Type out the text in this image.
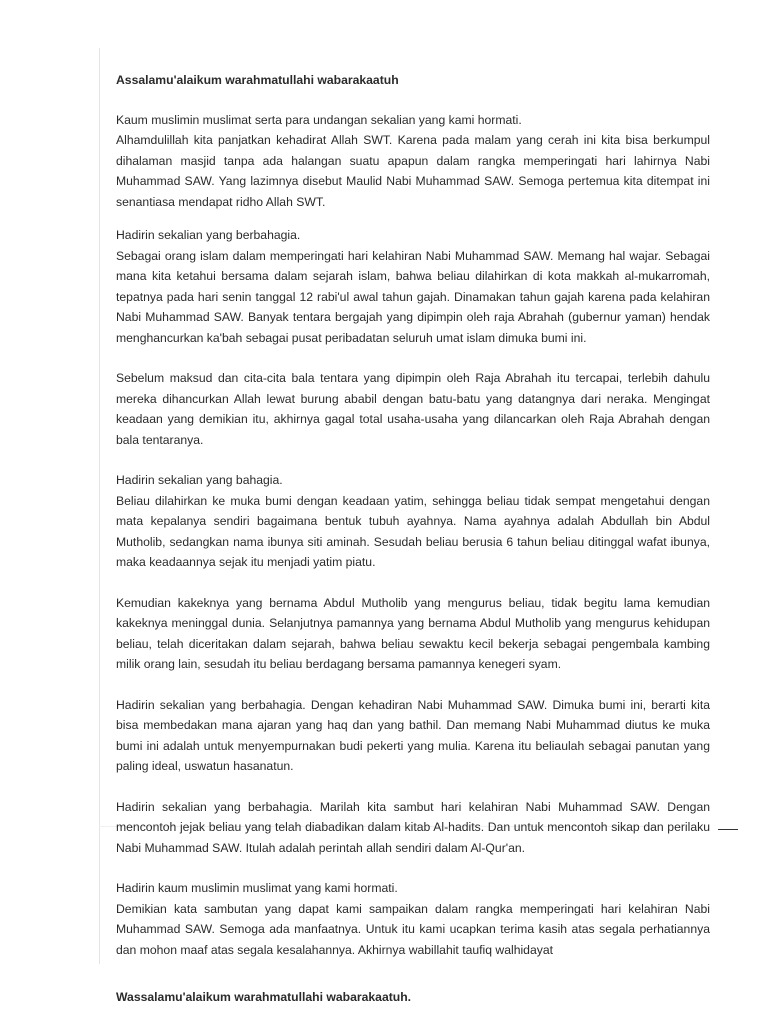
Assalamu'alaikum warahmatullahi wabarakaatuh

Kaum muslimin muslimat serta para undangan sekalian yang kami hormati.

Alhamdulillah kita panjatkan kehadirat Allah SWT. Karena pada malam yang cerah ini kita bisa berkumpul dihalaman masjid tanpa ada halangan suatu apapun dalam rangka memperingati hari lahirnya Nabi Muhammad SAW. Yang lazimnya disebut Maulid Nabi Muhammad SAW. Semoga pertemua kita ditempat ini senantiasa mendapat ridho Allah SWT.

Hadirin sekalian yang berbahagia.

Sebagai orang islam dalam memperingati hari kelahiran Nabi Muhammad SAW. Memang hal wajar. Sebagai mana kita ketahui bersama dalam sejarah islam, bahwa beliau dilahirkan di kota makkah al-mukarromah, tepatnya pada hari senin tanggal 12 rabi'ul awal tahun gajah. Dinamakan tahun gajah karena pada kelahiran Nabi Muhammad SAW. Banyak tentara bergajah yang dipimpin oleh raja Abrahah (gubernur yaman) hendak menghancurkan ka'bah sebagai pusat peribadatan seluruh umat islam dimuka bumi ini.

Sebelum maksud dan cita-cita bala tentara yang dipimpin oleh Raja Abrahah itu tercapai, terlebih dahulu mereka dihancurkan Allah lewat burung ababil dengan batu-batu yang datangnya dari neraka. Mengingat keadaan yang demikian itu, akhirnya gagal total usaha-usaha yang dilancarkan oleh Raja Abrahah dengan bala tentaranya.

Hadirin sekalian yang bahagia.

Beliau dilahirkan ke muka bumi dengan keadaan yatim, sehingga beliau tidak sempat mengetahui dengan mata kepalanya sendiri bagaimana bentuk tubuh ayahnya. Nama ayahnya adalah Abdullah bin Abdul Mutholib, sedangkan nama ibunya siti aminah. Sesudah beliau berusia 6 tahun beliau ditinggal wafat ibunya, maka keadaannya sejak itu menjadi yatim piatu.

Kemudian kakeknya yang bernama Abdul Mutholib yang mengurus beliau, tidak begitu lama kemudian kakeknya meninggal dunia. Selanjutnya pamannya yang bernama Abdul Mutholib yang mengurus kehidupan beliau, telah diceritakan dalam sejarah, bahwa beliau sewaktu kecil bekerja sebagai pengembala kambing milik orang lain, sesudah itu beliau berdagang bersama pamannya kenegeri syam.

Hadirin sekalian yang berbahagia. Dengan kehadiran Nabi Muhammad SAW. Dimuka bumi ini, berarti kita bisa membedakan mana ajaran yang haq dan yang bathil. Dan memang Nabi Muhammad diutus ke muka bumi ini adalah untuk menyempurnakan budi pekerti yang mulia. Karena itu beliaulah sebagai panutan yang paling ideal, uswatun hasanatun.

Hadirin sekalian yang berbahagia. Marilah kita sambut hari kelahiran Nabi Muhammad SAW. Dengan mencontoh jejak beliau yang telah diabadikan dalam kitab Al-hadits. Dan untuk mencontoh sikap dan perilaku Nabi Muhammad SAW. Itulah adalah perintah allah sendiri dalam Al-Qur'an.

Hadirin kaum muslimin muslimat yang kami hormati.

Demikian kata sambutan yang dapat kami sampaikan dalam rangka memperingati hari kelahiran Nabi Muhammad SAW. Semoga ada manfaatnya. Untuk itu kami ucapkan terima kasih atas segala perhatiannya dan mohon maaf atas segala kesalahannya. Akhirnya wabillahit taufiq walhidayat

Wassalamu'alaikum warahmatullahi wabarakaatuh.
